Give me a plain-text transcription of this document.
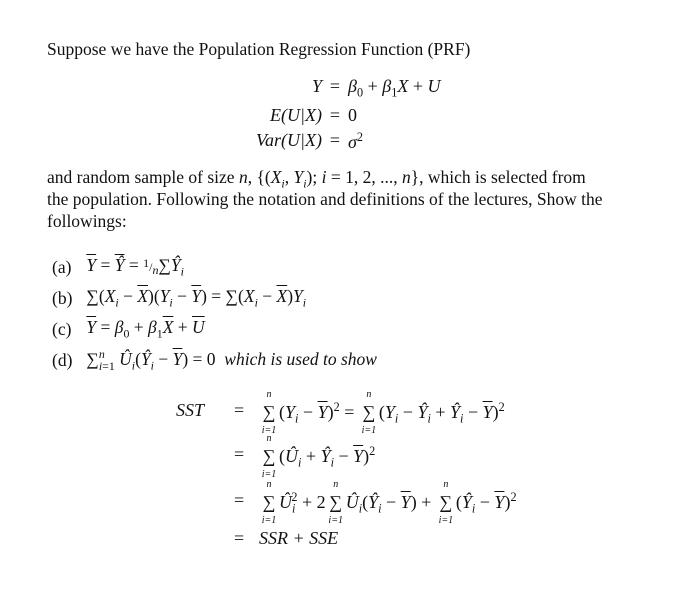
Suppose we have the Population Regression Function (PRF)

$Y = \beta_0 + \beta_1X + U$
E(U|X) = 0
$Var(U|X) = \sigma^2$

and random sample of size n, {($X_i$, $Y_i$); i = 1, 2, ..., n}, which is selected from

the population. Following the notation and definitions of the lectures, Show the

followings:

(a) $\overline{Y} = \overline{Ŷ}$ = $^1/n\sum Ŷ_i$
(b) $\sum(X_i - \overline{X})(Y_i - \overline{Y}) = \sum(X_i - \overline{X})Y_i$
(c) $\overline{Y} = \beta_0 + \beta_1\overline{X} + \overline{U}$
(d) ∑$^n_{i=1}$ $Û_i(Ŷ_i - \overline{Y}) = 0$  which is used to show
SST =
n
∑
i=1
$(Y_i - \overline{Y})^2$ =
n
∑
i=1
($Y_i$ − $Ŷ_i$ + $Ŷ_i - \overline{Y})^2$
=
n
∑
i=1
($Û_i$ + $Ŷ_i - \overline{Y})^2$
=
n
∑
i=1
$Û_i^2 + 2$
n
∑
i=1
$Û_i(Ŷ_i - \overline{Y})$ +
n
∑
i=1
$(Ŷ_i - \overline{Y})^2$
= SSR + SSE
